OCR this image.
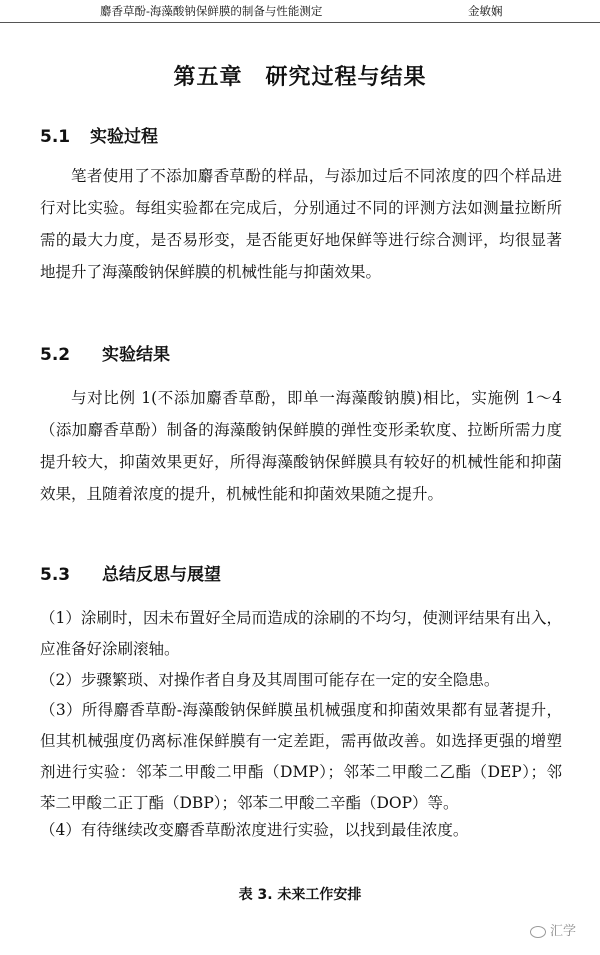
麝香草酚-海藻酸钠保鲜膜的制备与性能测定	金敏娴
第五章　研究过程与结果
5.1 实验过程
笔者使用了不添加麝香草酚的样品，与添加过后不同浓度的四个样品进行对比实验。每组实验都在完成后，分别通过不同的评测方法如测量拉断所需的最大力度，是否易形变，是否能更好地保鲜等进行综合测评，均很显著地提升了海藻酸钠保鲜膜的机械性能与抑菌效果。
5.2 实验结果
与对比例 1(不添加麝香草酚，即单一海藻酸钠膜)相比，实施例 1～4（添加麝香草酚）制备的海藻酸钠保鲜膜的弹性变形柔软度、拉断所需力度提升较大，抑菌效果更好，所得海藻酸钠保鲜膜具有较好的机械性能和抑菌效果，且随着浓度的提升，机械性能和抑菌效果随之提升。
5.3 总结反思与展望
（1）涂刷时，因未布置好全局而造成的涂刷的不均匀，使测评结果有出入，应准备好涂刷滚轴。
（2）步骤繁琐、对操作者自身及其周围可能存在一定的安全隐患。
（3）所得麝香草酚-海藻酸钠保鲜膜虽机械强度和抑菌效果都有显著提升，但其机械强度仍离标准保鲜膜有一定差距，需再做改善。如选择更强的增塑剂进行实验：邻苯二甲酸二甲酯（DMP）；邻苯二甲酸二乙酯（DEP）；邻苯二甲酸二正丁酯（DBP）；邻苯二甲酸二辛酯（DOP）等。
（4）有待继续改变麝香草酚浓度进行实验，以找到最佳浓度。
表 3. 未来工作安排
汇学
